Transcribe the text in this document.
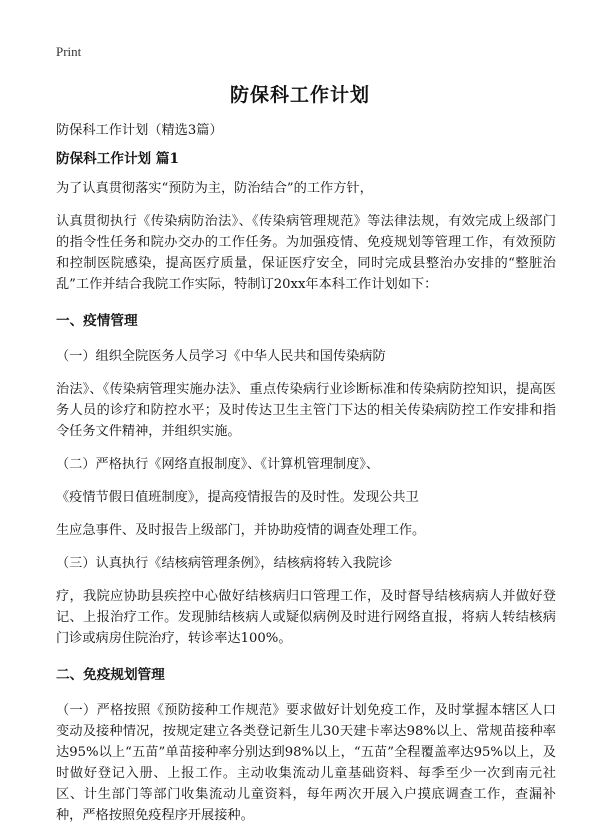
Print
防保科工作计划

防保科工作计划（精选3篇）

防保科工作计划 篇1

为了认真贯彻落实“预防为主，防治结合”的工作方针，

认真贯彻执行《传染病防治法》、《传染病管理规范》等法律法规，有效完成上级部门的指令性任务和院办交办的工作任务。为加强疫情、免疫规划等管理工作，有效预防和控制医院感染，提高医疗质量，保证医疗安全，同时完成县整治办安排的“整脏治乱”工作并结合我院工作实际，特制订20xx年本科工作计划如下：

一、疫情管理

（一）组织全院医务人员学习《中华人民共和国传染病防

治法》、《传染病管理实施办法》、重点传染病行业诊断标准和传染病防控知识，提高医务人员的诊疗和防控水平；及时传达卫生主管门下达的相关传染病防控工作安排和指令任务文件精神，并组织实施。

（二）严格执行《网络直报制度》、《计算机管理制度》、

《疫情节假日值班制度》，提高疫情报告的及时性。发现公共卫

生应急事件、及时报告上级部门，并协助疫情的调查处理工作。

（三）认真执行《结核病管理条例》，结核病将转入我院诊

疗，我院应协助县疾控中心做好结核病归口管理工作，及时督导结核病病人并做好登记、上报治疗工作。发现肺结核病人或疑似病例及时进行网络直报，将病人转结核病门诊或病房住院治疗，转诊率达100%。

二、免疫规划管理

（一）严格按照《预防接种工作规范》要求做好计划免疫工作，及时掌握本辖区人口变动及接种情况，按规定建立各类登记新生儿30天建卡率达98%以上、常规苗接种率达95%以上“五苗”单苗接种率分别达到98%以上，“五苗”全程覆盖率达95%以上，及时做好登记入册、上报工作。主动收集流动儿童基础资料、每季至少一次到南元社区、计生部门等部门收集流动儿童资料，每年两次开展入户摸底调查工作，查漏补种，严格按照免疫程序开展接种。
